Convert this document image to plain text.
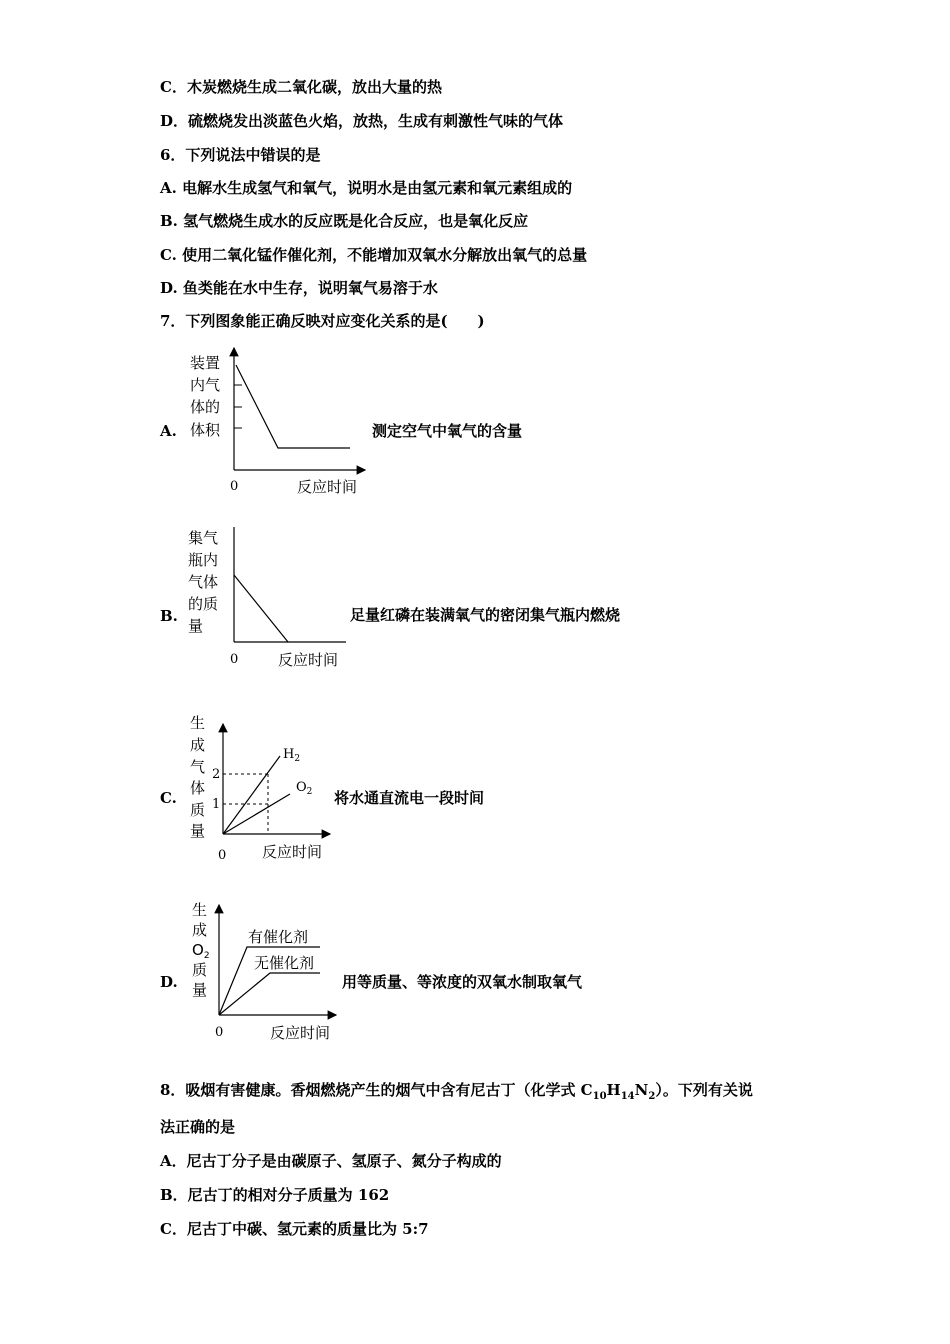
C．木炭燃烧生成二氧化碳，放出大量的热
D．硫燃烧发出淡蓝色火焰，放热，生成有刺激性气味的气体
6．下列说法中错误的是
A. 电解水生成氢气和氧气，说明水是由氢元素和氧元素组成的
B. 氢气燃烧生成水的反应既是化合反应，也是氧化反应
C. 使用二氧化锰作催化剂，不能增加双氧水分解放出氧气的总量
D. 鱼类能在水中生存，说明氧气易溶于水
7．下列图象能正确反映对应变化关系的是(　　)
A.
装置
内气
体的
体积
0	反应时间
测定空气中氧气的含量
B.
集气
瓶内
气体
的质
量
0	反应时间
足量红磷在装满氧气的密闭集气瓶内燃烧
C.
生
成
气
体
质
量
2
1
$H_2$
$O_2$
0 反应时间
将水通直流电一段时间
D.
生
成
$O_2$
质
量
有催化剂
无催化剂
0	反应时间
用等质量、等浓度的双氧水制取氧气
8．吸烟有害健康。香烟燃烧产生的烟气中含有尼古丁（化学式 $C_{10}H_{14}N_2$）。下列有关说
法正确的是
A．尼古丁分子是由碳原子、氢原子、氮分子构成的
B．尼古丁的相对分子质量为 162
C．尼古丁中碳、氢元素的质量比为 5:7
